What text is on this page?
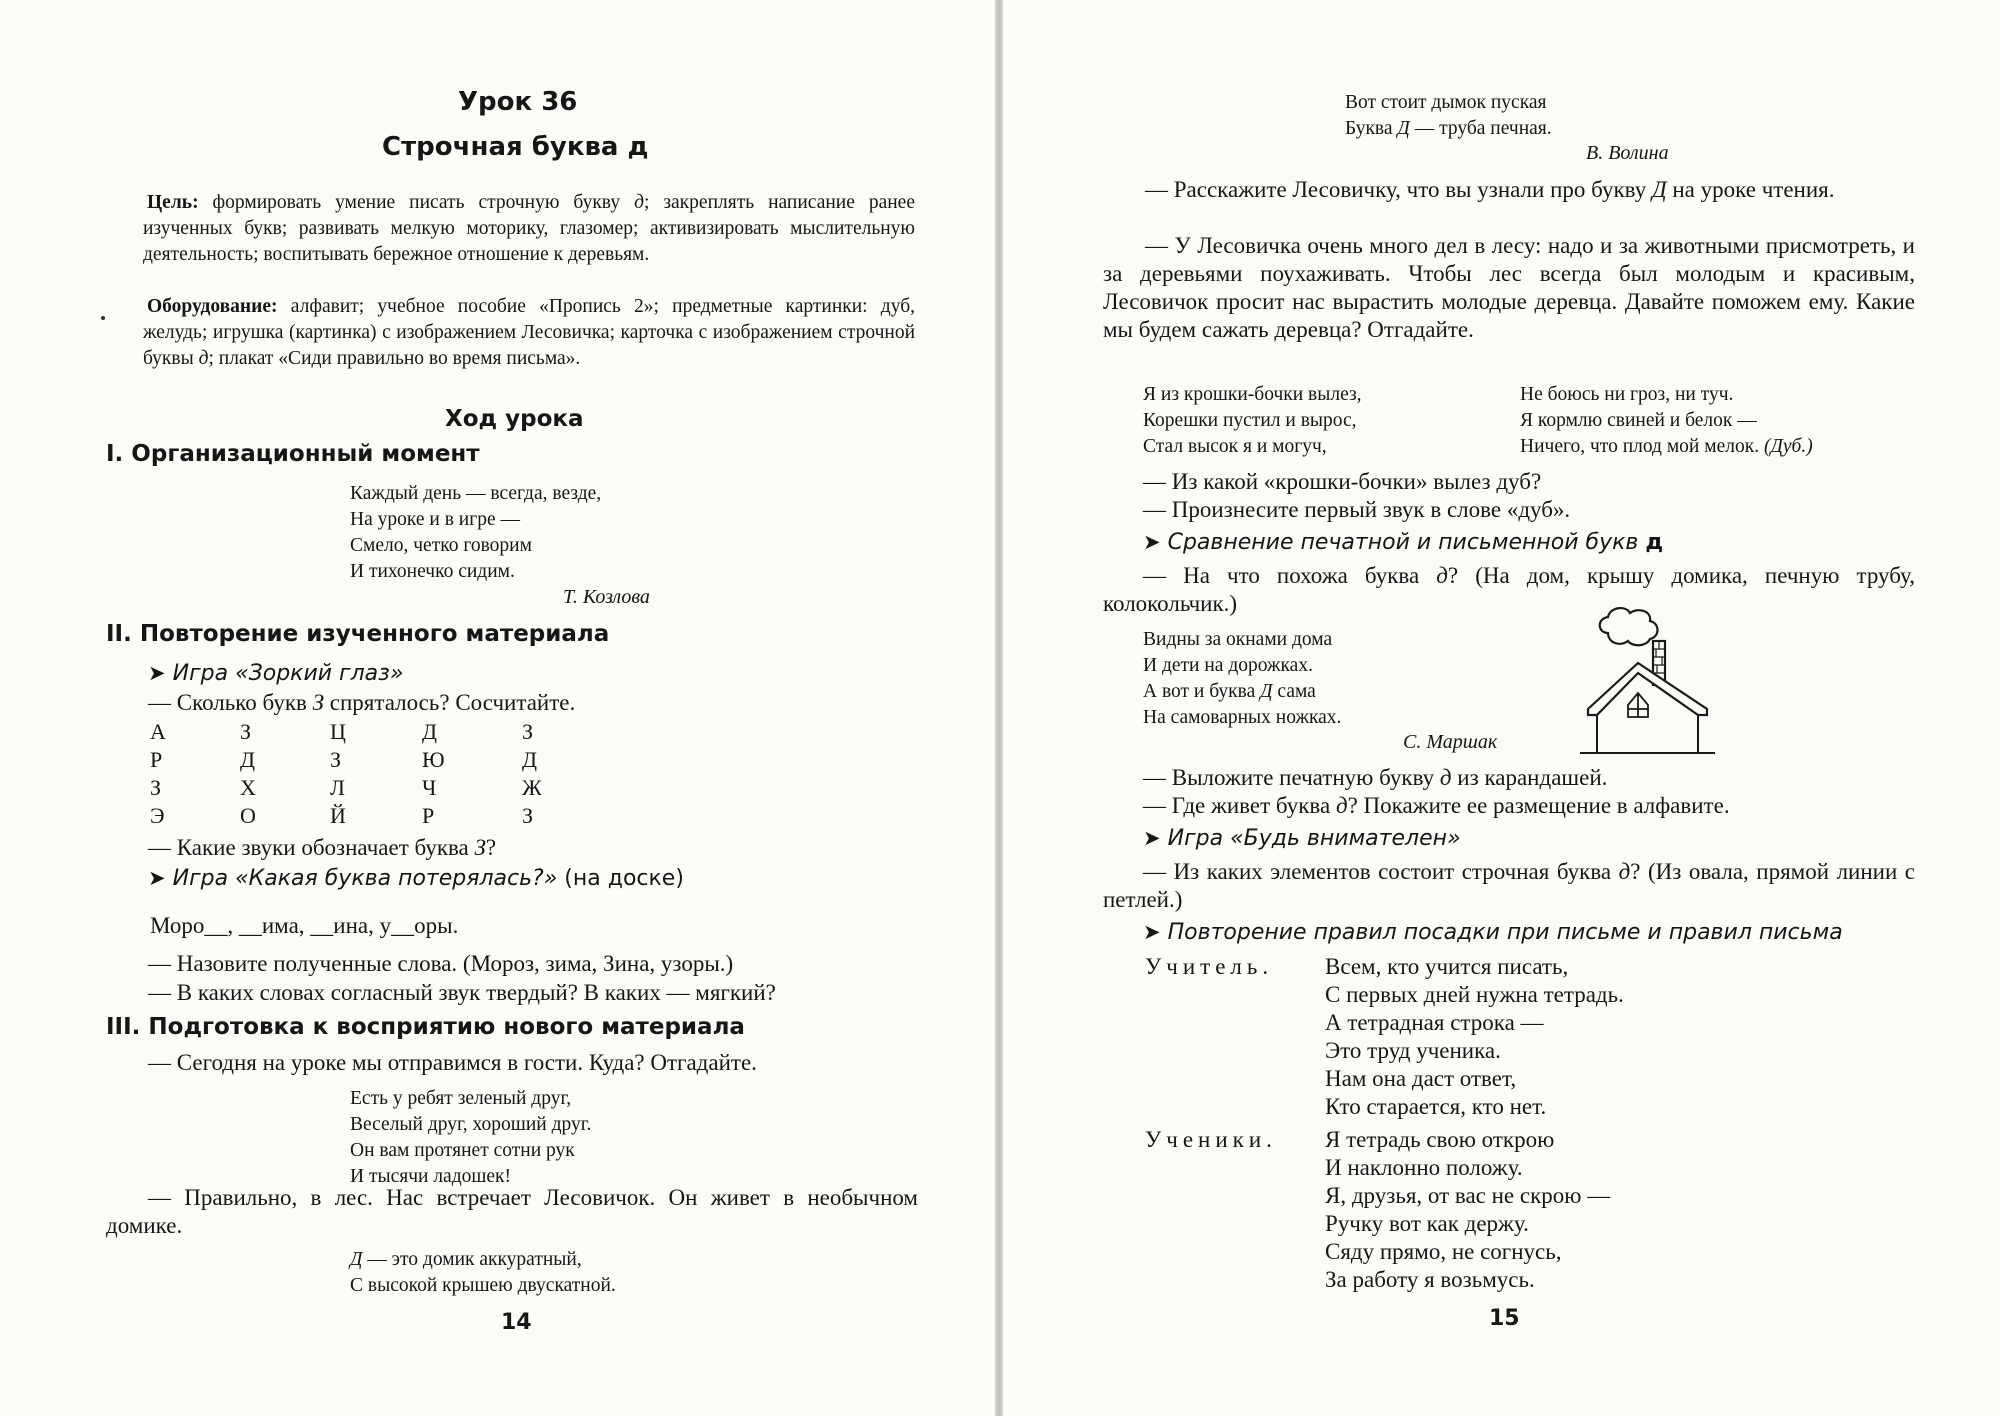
Урок 36
Строчная буква д
Цель: формировать умение писать строчную букву д; закреплять написание ранее изученных букв; развивать мелкую моторику, глазомер; активизировать мыслительную деятельность; воспитывать бережное отношение к деревьям.
Оборудование: алфавит; учебное пособие «Пропись 2»; предметные картинки: дуб, желудь; игрушка (картинка) с изображением Лесовичка; карточка с изображением строчной буквы д; плакат «Сиди правильно во время письма».
Ход урока
I. Организационный момент
Каждый день — всегда, везде,
На уроке и в игре —
Смело, четко говорим
И тихонечко сидим.
Т. Козлова
II. Повторение изученного материала
➤ Игра «Зоркий глаз»
— Сколько букв З спряталось? Сосчитайте.
А	З	Ц	Д	З
Р	Д	З	Ю	Д
З	Х	Л	Ч	Ж
Э	О	Й	Р	З
— Какие звуки обозначает буква З?
➤ Игра «Какая буква потерялась?» (на доске)
Моро__, __има, __ина, у__оры.
— Назовите полученные слова. (Мороз, зима, Зина, узоры.)
— В каких словах согласный звук твердый? В каких — мягкий?
III. Подготовка к восприятию нового материала
— Сегодня на уроке мы отправимся в гости. Куда? Отгадайте.
Есть у ребят зеленый друг,
Веселый друг, хороший друг.
Он вам протянет сотни рук
И тысячи ладошек!
— Правильно, в лес. Нас встречает Лесовичок. Он живет в необычном домике.
Д — это домик аккуратный,
С высокой крышею двускатной.
14
Вот стоит дымок пуская
Буква Д — труба печная.
В. Волина
— Расскажите Лесовичку, что вы узнали про букву Д на уроке чтения.
— У Лесовичка очень много дел в лесу: надо и за животными присмотреть, и за деревьями поухаживать. Чтобы лес всегда был молодым и красивым, Лесовичок просит нас вырастить молодые деревца. Давайте поможем ему. Какие мы будем сажать деревца? Отгадайте.
Я из крошки-бочки вылез,
Корешки пустил и вырос,
Стал высок я и могуч,
Не боюсь ни гроз, ни туч.
Я кормлю свиней и белок —
Ничего, что плод мой мелок. (Дуб.)
— Из какой «крошки-бочки» вылез дуб?
— Произнесите первый звук в слове «дуб».
➤ Сравнение печатной и письменной букв д
— На что похожа буква д? (На дом, крышу домика, печную трубу, колокольчик.)
Видны за окнами дома
И дети на дорожках.
А вот и буква Д сама
На самоварных ножках.
С. Маршак
— Выложите печатную букву д из карандашей.
— Где живет буква д? Покажите ее размещение в алфавите.
➤ Игра «Будь внимателен»
— Из каких элементов состоит строчная буква д? (Из овала, прямой линии с петлей.)
➤ Повторение правил посадки при письме и правил письма
Учитель. Всем, кто учится писать,
С первых дней нужна тетрадь.
А тетрадная строка —
Это труд ученика.
Нам она даст ответ,
Кто старается, кто нет.
Ученики. Я тетрадь свою открою
И наклонно положу.
Я, друзья, от вас не скрою —
Ручку вот как держу.
Сяду прямо, не согнусь,
За работу я возьмусь.
15
